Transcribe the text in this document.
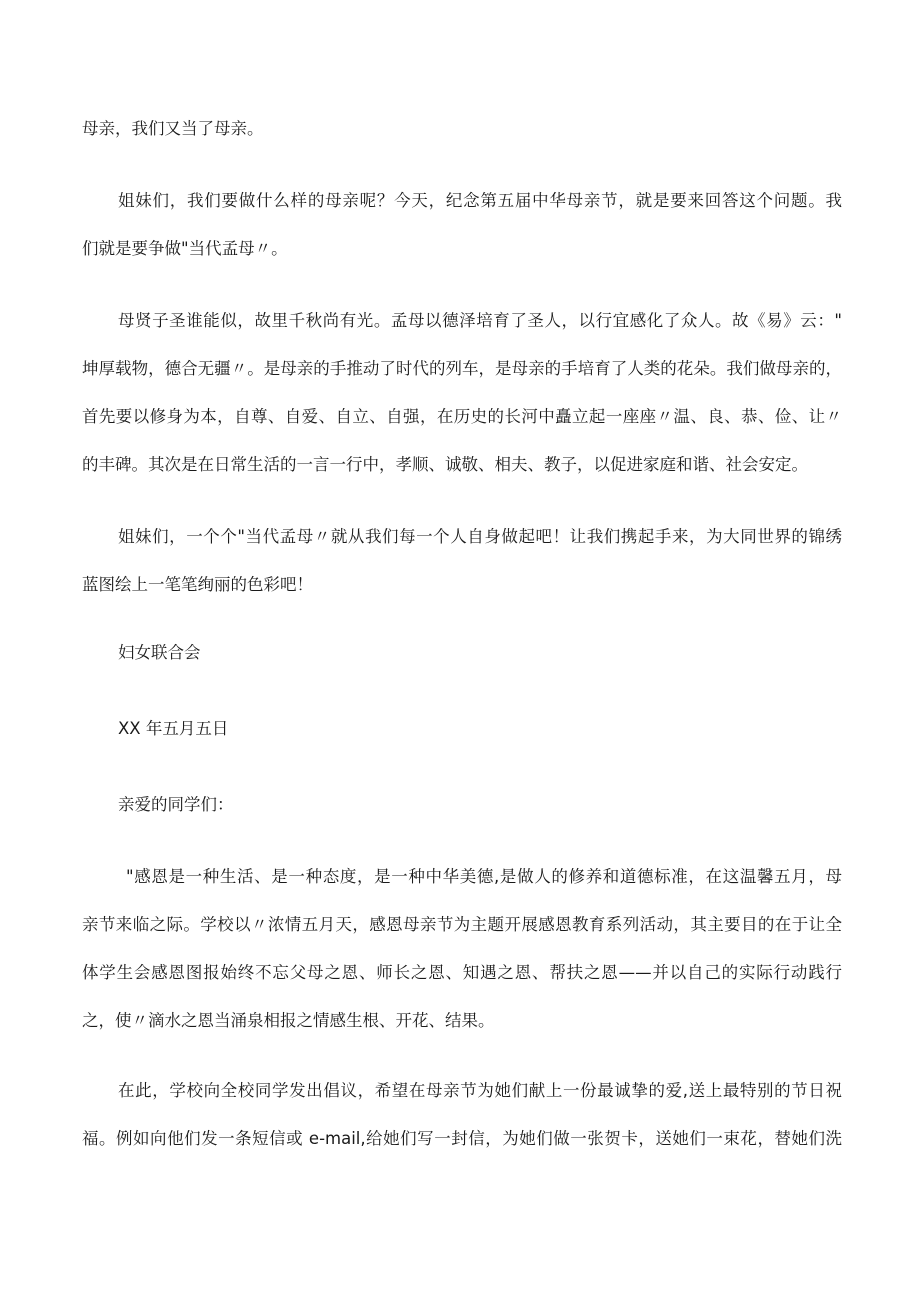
母亲，我们又当了母亲。
姐妹们，我们要做什么样的母亲呢？今天，纪念第五届中华母亲节，就是要来回答这个问题。我
们就是要争做"当代孟母〃。
母贤子圣谁能似，故里千秋尚有光。孟母以德泽培育了圣人，以行宜感化了众人。故《易》云："
坤厚载物，德合无疆〃。是母亲的手推动了时代的列车，是母亲的手培育了人类的花朵。我们做母亲的，
首先要以修身为本，自尊、自爱、自立、自强，在历史的长河中矗立起一座座〃温、良、恭、俭、让〃
的丰碑。其次是在日常生活的一言一行中，孝顺、诚敬、相夫、教子，以促进家庭和谐、社会安定。
姐妹们，一个个"当代孟母〃就从我们每一个人自身做起吧！让我们携起手来，为大同世界的锦绣
蓝图绘上一笔笔绚丽的色彩吧！
妇女联合会
XX 年五月五日
亲爱的同学们：
"感恩是一种生活、是一种态度，是一种中华美德,是做人的修养和道德标准，在这温馨五月，母
亲节来临之际。学校以〃浓情五月天，感恩母亲节为主题开展感恩教育系列活动，其主要目的在于让全
体学生会感恩图报始终不忘父母之恩、师长之恩、知遇之恩、帮扶之恩——并以自己的实际行动践行
之，使〃滴水之恩当涌泉相报之情感生根、开花、结果。
在此，学校向全校同学发出倡议，希望在母亲节为她们献上一份最诚挚的爱,送上最特别的节日祝
福。例如向他们发一条短信或 e-mail,给她们写一封信，为她们做一张贺卡，送她们一束花，替她们洗
